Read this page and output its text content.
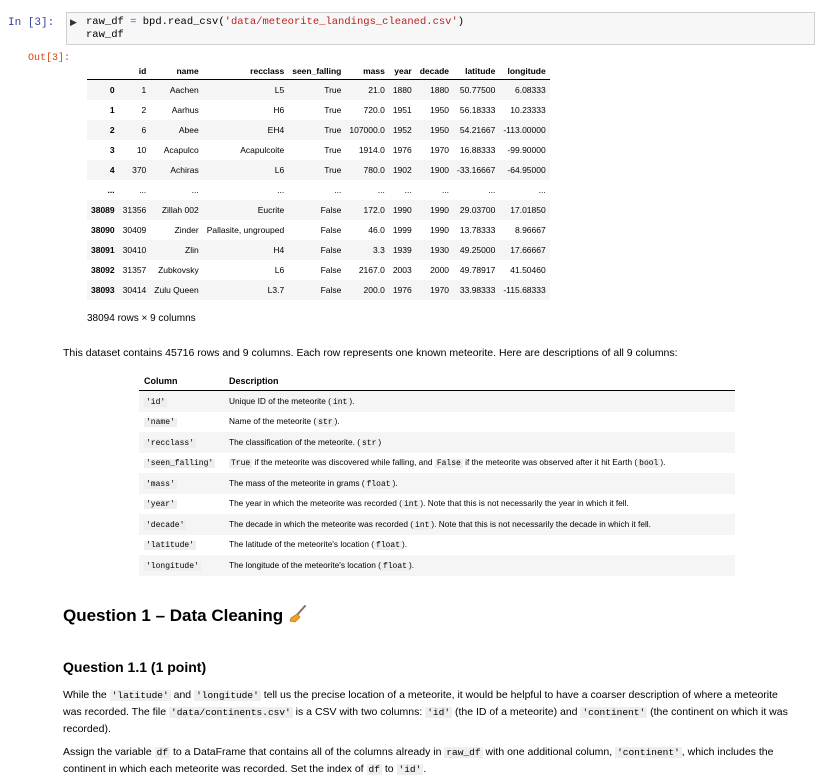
In [3]: ▶ raw_df = bpd.read_csv('data/meteorite_landings_cleaned.csv')
raw_df
Out[3]:
	id	name	recclass	seen_falling	mass	year	decade	latitude	longitude
0	1	Aachen	L5	True	21.0	1880	1880	50.77500	6.08333
1	2	Aarhus	H6	True	720.0	1951	1950	56.18333	10.23333
2	6	Abee	EH4	True	107000.0	1952	1950	54.21667	-113.00000
3	10	Acapulco	Acapulcoite	True	1914.0	1976	1970	16.88333	-99.90000
4	370	Achiras	L6	True	780.0	1902	1900	-33.16667	-64.95000
...	...	...	...	...	...	...	...	...	...
38089	31356	Zillah 002	Eucrite	False	172.0	1990	1990	29.03700	17.01850
38090	30409	Zinder	Pallasite, ungrouped	False	46.0	1999	1990	13.78333	8.96667
38091	30410	Zlin	H4	False	3.3	1939	1930	49.25000	17.66667
38092	31357	Zubkovsky	L6	False	2167.0	2003	2000	49.78917	41.50460
38093	30414	Zulu Queen	L3.7	False	200.0	1976	1970	33.98333	-115.68333
38094 rows × 9 columns
This dataset contains 45716 rows and 9 columns. Each row represents one known meteorite. Here are descriptions of all 9 columns:
Column	Description
'id'	Unique ID of the meteorite ( int ).
'name'	Name of the meteorite ( str ).
'recclass'	The classification of the meteorite. ( str )
'seen_falling'	True if the meteorite was discovered while falling, and False if the meteorite was observed after it hit Earth ( bool ).
'mass'	The mass of the meteorite in grams ( float ).
'year'	The year in which the meteorite was recorded ( int ). Note that this is not necessarily the year in which it fell.
'decade'	The decade in which the meteorite was recorded ( int ). Note that this is not necessarily the decade in which it fell.
'latitude'	The latitude of the meteorite's location ( float ).
'longitude'	The longitude of the meteorite's location ( float ).
Question 1 – Data Cleaning
Question 1.1 (1 point)
While the 'latitude' and 'longitude' tell us the precise location of a meteorite, it would be helpful to have a coarser description of where a meteorite was recorded. The file 'data/continents.csv' is a CSV with two columns: 'id' (the ID of a meteorite) and 'continent' (the continent on which it was recorded).
Assign the variable df to a DataFrame that contains all of the columns already in raw_df with one additional column, 'continent' , which includes the continent in which each meteorite was recorded. Set the index of df to 'id' .
